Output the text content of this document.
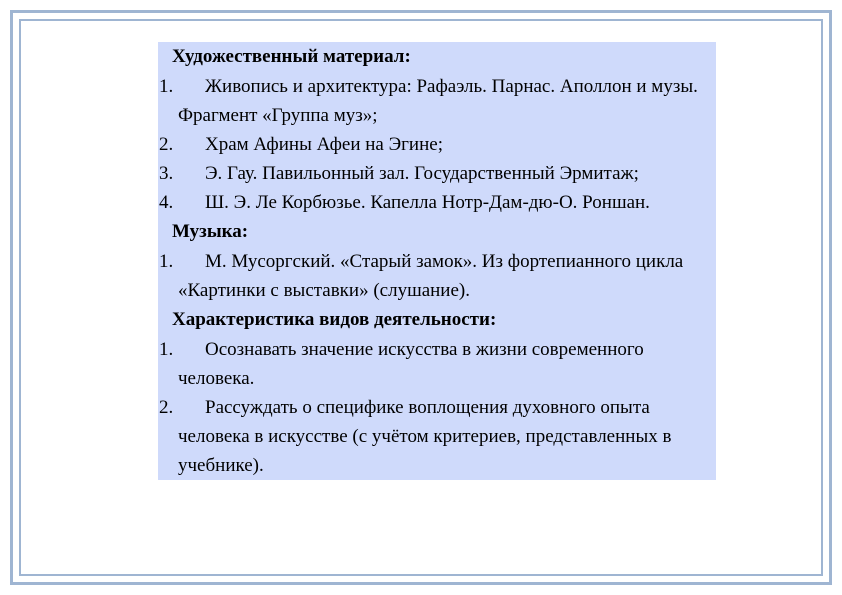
Художественный материал:
1.	Живопись и архитектура: Рафаэль. Парнас. Аполлон и музы. Фрагмент «Группа муз»;
2.	Храм Афины Афеи на Эгине;
3.	Э. Гау. Павильонный зал. Государственный Эрмитаж;
4.	Ш. Э. Ле Корбюзье. Капелла Нотр-Дам-дю-О. Роншан.
Музыка:
1.	М. Мусоргский. «Старый замок». Из фортепианного цикла «Картинки с выставки» (слушание).
Характеристика видов деятельности:
1.	Осознавать значение искусства в жизни современного человека.
2.	Рассуждать о специфике воплощения духовного опыта человека в искусстве (с учётом критериев, представленных в учебнике).
